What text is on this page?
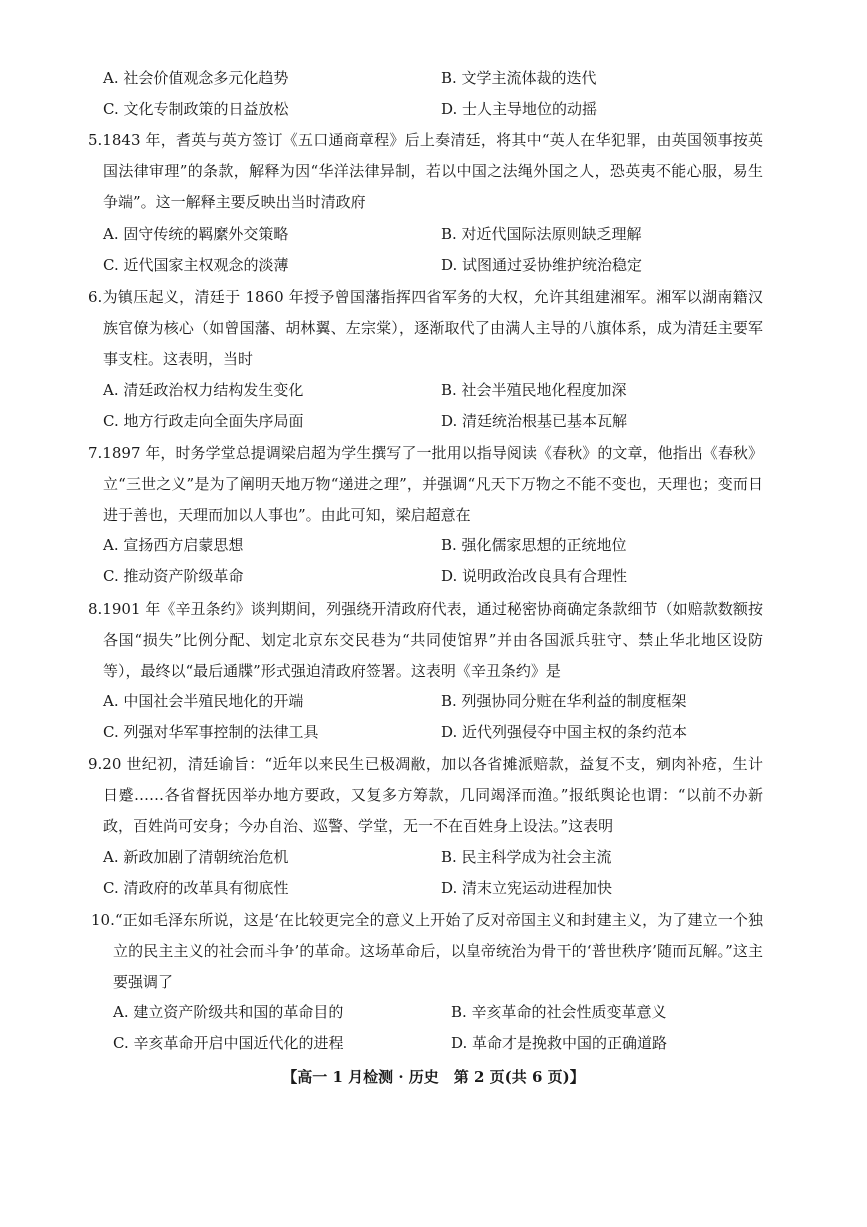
A. 社会价值观念多元化趋势	B. 文学主流体裁的迭代
C. 文化专制政策的日益放松	D. 士人主导地位的动摇
5.1843 年，耆英与英方签订《五口通商章程》后上奏清廷，将其中“英人在华犯罪，由英国领事按英国法律审理”的条款，解释为因“华洋法律异制，若以中国之法绳外国之人，恐英夷不能心服，易生争端”。这一解释主要反映出当时清政府
A. 固守传统的羁縻外交策略	B. 对近代国际法原则缺乏理解
C. 近代国家主权观念的淡薄	D. 试图通过妥协维护统治稳定
6.为镇压起义，清廷于 1860 年授予曾国藩指挥四省军务的大权，允许其组建湘军。湘军以湖南籍汉族官僚为核心（如曾国藩、胡林翼、左宗棠），逐渐取代了由满人主导的八旗体系，成为清廷主要军事支柱。这表明，当时
A. 清廷政治权力结构发生变化	B. 社会半殖民地化程度加深
C. 地方行政走向全面失序局面	D. 清廷统治根基已基本瓦解
7.1897 年，时务学堂总提调梁启超为学生撰写了一批用以指导阅读《春秋》的文章，他指出《春秋》立“三世之义”是为了阐明天地万物“递进之理”，并强调“凡天下万物之不能不变也，天理也；变而日进于善也，天理而加以人事也”。由此可知，梁启超意在
A. 宣扬西方启蒙思想	B. 强化儒家思想的正统地位
C. 推动资产阶级革命	D. 说明政治改良具有合理性
8.1901 年《辛丑条约》谈判期间，列强绕开清政府代表，通过秘密协商确定条款细节（如赔款数额按各国“损失”比例分配、划定北京东交民巷为“共同使馆界”并由各国派兵驻守、禁止华北地区设防等），最终以“最后通牒”形式强迫清政府签署。这表明《辛丑条约》是
A. 中国社会半殖民地化的开端	B. 列强协同分赃在华利益的制度框架
C. 列强对华军事控制的法律工具	D. 近代列强侵夺中国主权的条约范本
9.20 世纪初，清廷谕旨：“近年以来民生已极凋敝，加以各省摊派赔款，益复不支，剜肉补疮，生计日蹙……各省督抚因举办地方要政，又复多方筹款，几同竭泽而渔。”报纸舆论也谓：“以前不办新政，百姓尚可安身；今办自治、巡警、学堂，无一不在百姓身上设法。”这表明
A. 新政加剧了清朝统治危机	B. 民主科学成为社会主流
C. 清政府的改革具有彻底性	D. 清末立宪运动进程加快
10.“正如毛泽东所说，这是‘在比较更完全的意义上开始了反对帝国主义和封建主义，为了建立一个独立的民主主义的社会而斗争’的革命。这场革命后，以皇帝统治为骨干的‘普世秩序’随而瓦解。”这主要强调了
A. 建立资产阶级共和国的革命目的	B. 辛亥革命的社会性质变革意义
C. 辛亥革命开启中国近代化的进程	D. 革命才是挽救中国的正确道路
【高一 1 月检测 · 历史　第 2 页(共 6 页)】
